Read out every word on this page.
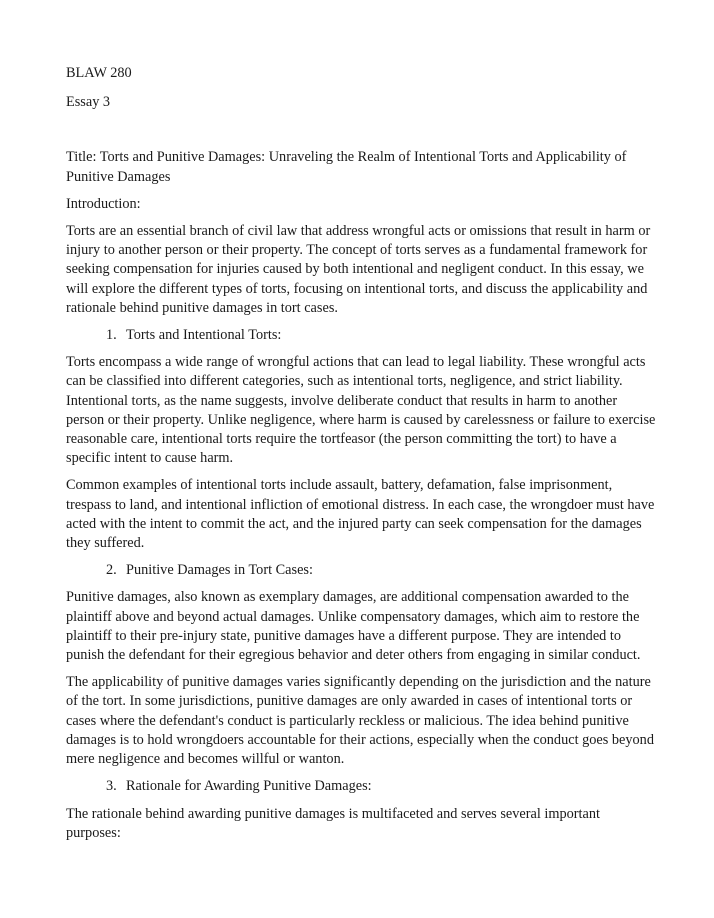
BLAW 280

Essay 3

Title: Torts and Punitive Damages: Unraveling the Realm of Intentional Torts and Applicability of Punitive Damages

Introduction:

Torts are an essential branch of civil law that address wrongful acts or omissions that result in harm or injury to another person or their property. The concept of torts serves as a fundamental framework for seeking compensation for injuries caused by both intentional and negligent conduct. In this essay, we will explore the different types of torts, focusing on intentional torts, and discuss the applicability and rationale behind punitive damages in tort cases.

1. Torts and Intentional Torts:

Torts encompass a wide range of wrongful actions that can lead to legal liability. These wrongful acts can be classified into different categories, such as intentional torts, negligence, and strict liability. Intentional torts, as the name suggests, involve deliberate conduct that results in harm to another person or their property. Unlike negligence, where harm is caused by carelessness or failure to exercise reasonable care, intentional torts require the tortfeasor (the person committing the tort) to have a specific intent to cause harm.

Common examples of intentional torts include assault, battery, defamation, false imprisonment, trespass to land, and intentional infliction of emotional distress. In each case, the wrongdoer must have acted with the intent to commit the act, and the injured party can seek compensation for the damages they suffered.

2. Punitive Damages in Tort Cases:

Punitive damages, also known as exemplary damages, are additional compensation awarded to the plaintiff above and beyond actual damages. Unlike compensatory damages, which aim to restore the plaintiff to their pre-injury state, punitive damages have a different purpose. They are intended to punish the defendant for their egregious behavior and deter others from engaging in similar conduct.

The applicability of punitive damages varies significantly depending on the jurisdiction and the nature of the tort. In some jurisdictions, punitive damages are only awarded in cases of intentional torts or cases where the defendant's conduct is particularly reckless or malicious. The idea behind punitive damages is to hold wrongdoers accountable for their actions, especially when the conduct goes beyond mere negligence and becomes willful or wanton.

3. Rationale for Awarding Punitive Damages:

The rationale behind awarding punitive damages is multifaceted and serves several important purposes:
